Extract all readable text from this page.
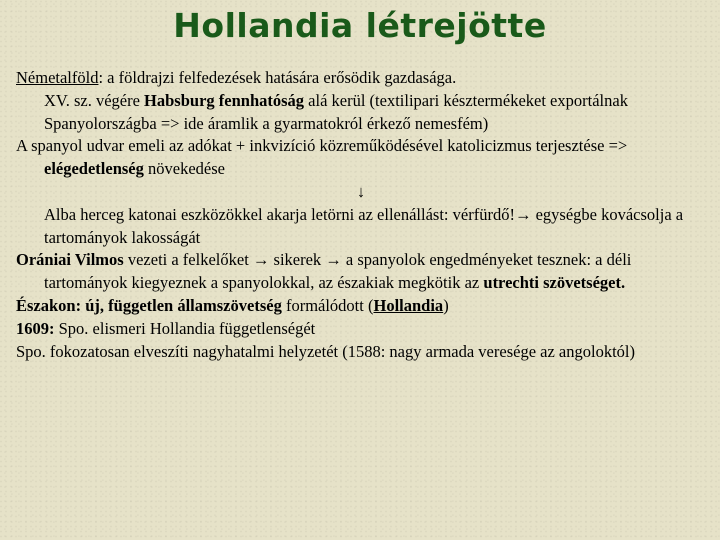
Hollandia létrejötte

Németalföld: a földrajzi felfedezések hatására erősödik gazdasága.

XV. sz. végére Habsburg fennhatóság alá kerül (textilipari késztermékeket exportálnak Spanyolországba => ide áramlik a gyarmatokról érkező nemesfém)

A spanyol udvar emeli az adókat + inkvizíció közreműködésével katolicizmus terjesztése => elégedetlenség növekedése

↓

Alba herceg katonai eszközökkel akarja letörni az ellenállást: vérfürdő!→ egységbe kovácsolja a tartományok lakosságát

Orániai Vilmos vezeti a felkelőket → sikerek → a spanyolok engedményeket tesznek: a déli tartományok kiegyeznek a spanyolokkal, az északiak megkötik az utrechti szövetséget.

Északon: új, független államszövetség formálódott (Hollandia)

1609: Spo. elismeri Hollandia függetlenségét

Spo. fokozatosan elveszíti nagyhatalmi helyzetét (1588: nagy armada veresége az angoloktól)
